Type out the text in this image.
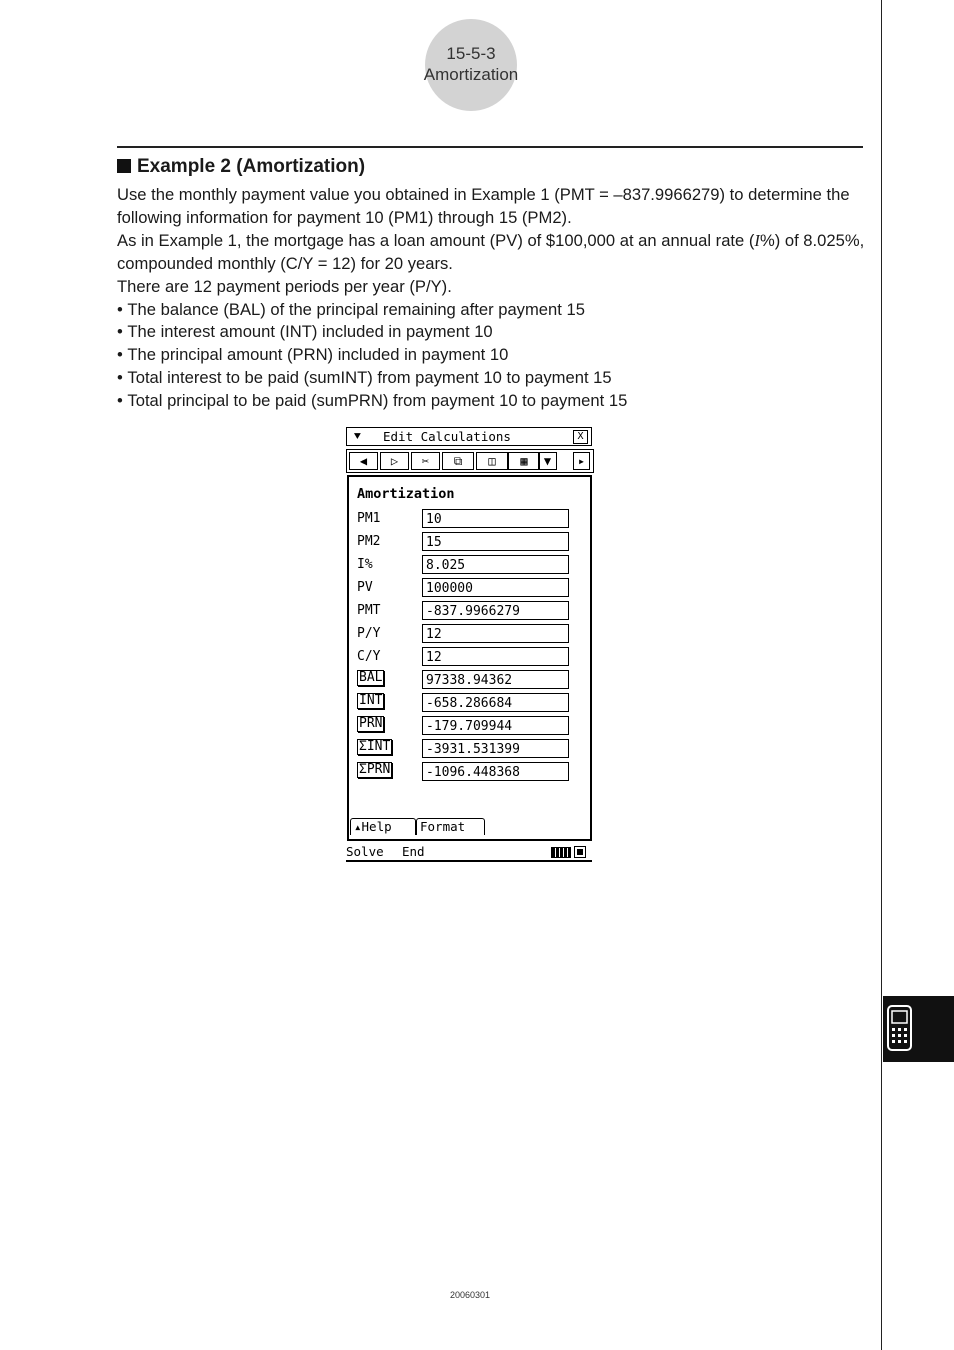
15-5-3
Amortization
Example 2 (Amortization)

Use the monthly payment value you obtained in Example 1 (PMT = –837.9966279) to determine the following information for payment 10 (PM1) through 15 (PM2).

As in Example 1, the mortgage has a loan amount (PV) of $100,000 at an annual rate (I%) of 8.025%, compounded monthly (C/Y = 12) for 20 years.

There are 12 payment periods per year (P/Y).

• The balance (BAL) of the principal remaining after payment 15
• The interest amount (INT) included in payment 10
• The principal amount (PRN) included in payment 10
• Total interest to be paid (sumINT) from payment 10 to payment 15
• Total principal to be paid (sumPRN) from payment 10 to payment 15
⯆ Edit Calculations	X
◀	▷	✂	⧉	◫	▦	▼	▸
Amortization
PM1	10
PM2	15
I%	8.025
PV	100000
PMT	-837.9966279
P/Y	12
C/Y	12
BAL	97338.94362
INT	-658.286684
PRN	-179.709944
ΣINT	-3931.531399
ΣPRN	-1096.448368
▴Help	Format
Solve End
20060301
